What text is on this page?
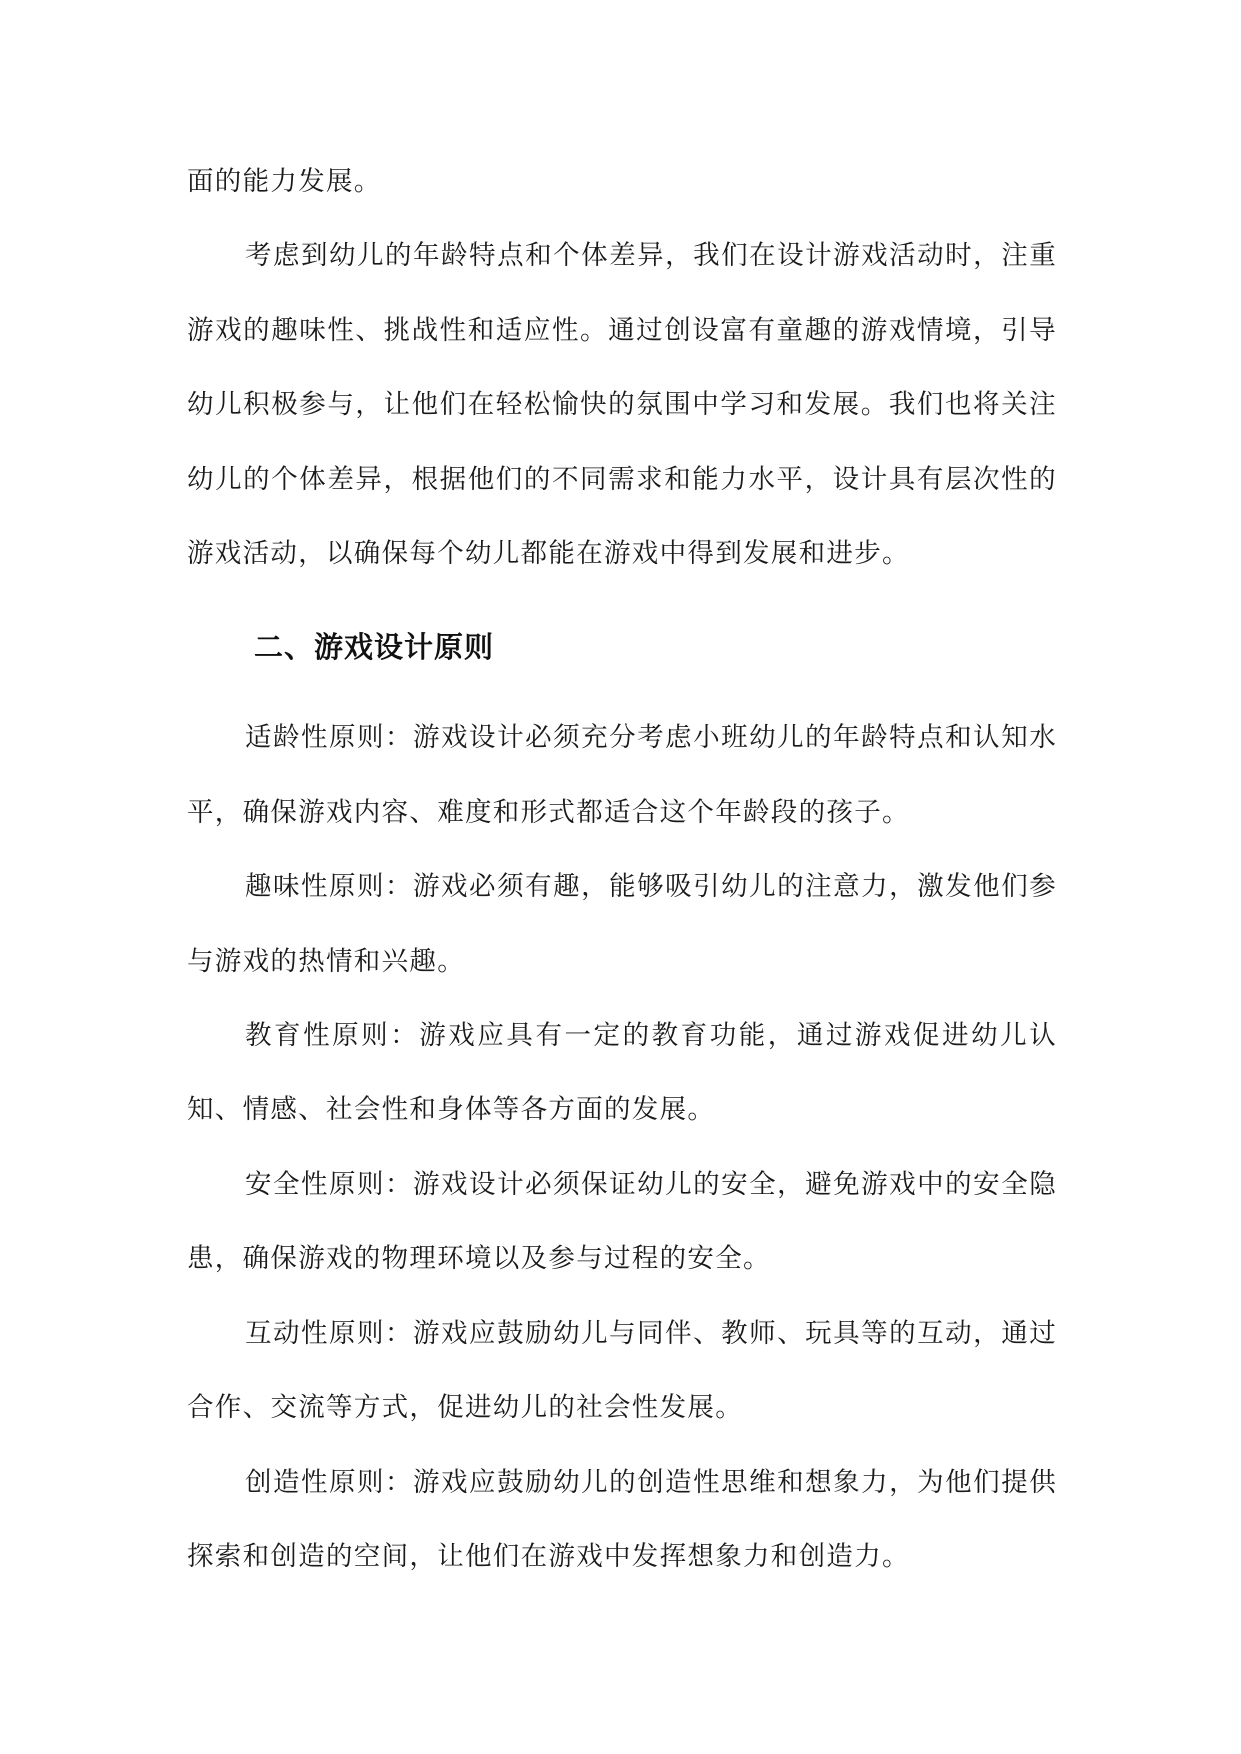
面的能力发展。

考虑到幼儿的年龄特点和个体差异，我们在设计游戏活动时，注重游戏的趣味性、挑战性和适应性。通过创设富有童趣的游戏情境，引导幼儿积极参与，让他们在轻松愉快的氛围中学习和发展。我们也将关注幼儿的个体差异，根据他们的不同需求和能力水平，设计具有层次性的游戏活动，以确保每个幼儿都能在游戏中得到发展和进步。

二、游戏设计原则

适龄性原则：游戏设计必须充分考虑小班幼儿的年龄特点和认知水平，确保游戏内容、难度和形式都适合这个年龄段的孩子。

趣味性原则：游戏必须有趣，能够吸引幼儿的注意力，激发他们参与游戏的热情和兴趣。

教育性原则：游戏应具有一定的教育功能，通过游戏促进幼儿认知、情感、社会性和身体等各方面的发展。

安全性原则：游戏设计必须保证幼儿的安全，避免游戏中的安全隐患，确保游戏的物理环境以及参与过程的安全。

互动性原则：游戏应鼓励幼儿与同伴、教师、玩具等的互动，通过合作、交流等方式，促进幼儿的社会性发展。

创造性原则：游戏应鼓励幼儿的创造性思维和想象力，为他们提供探索和创造的空间，让他们在游戏中发挥想象力和创造力。
